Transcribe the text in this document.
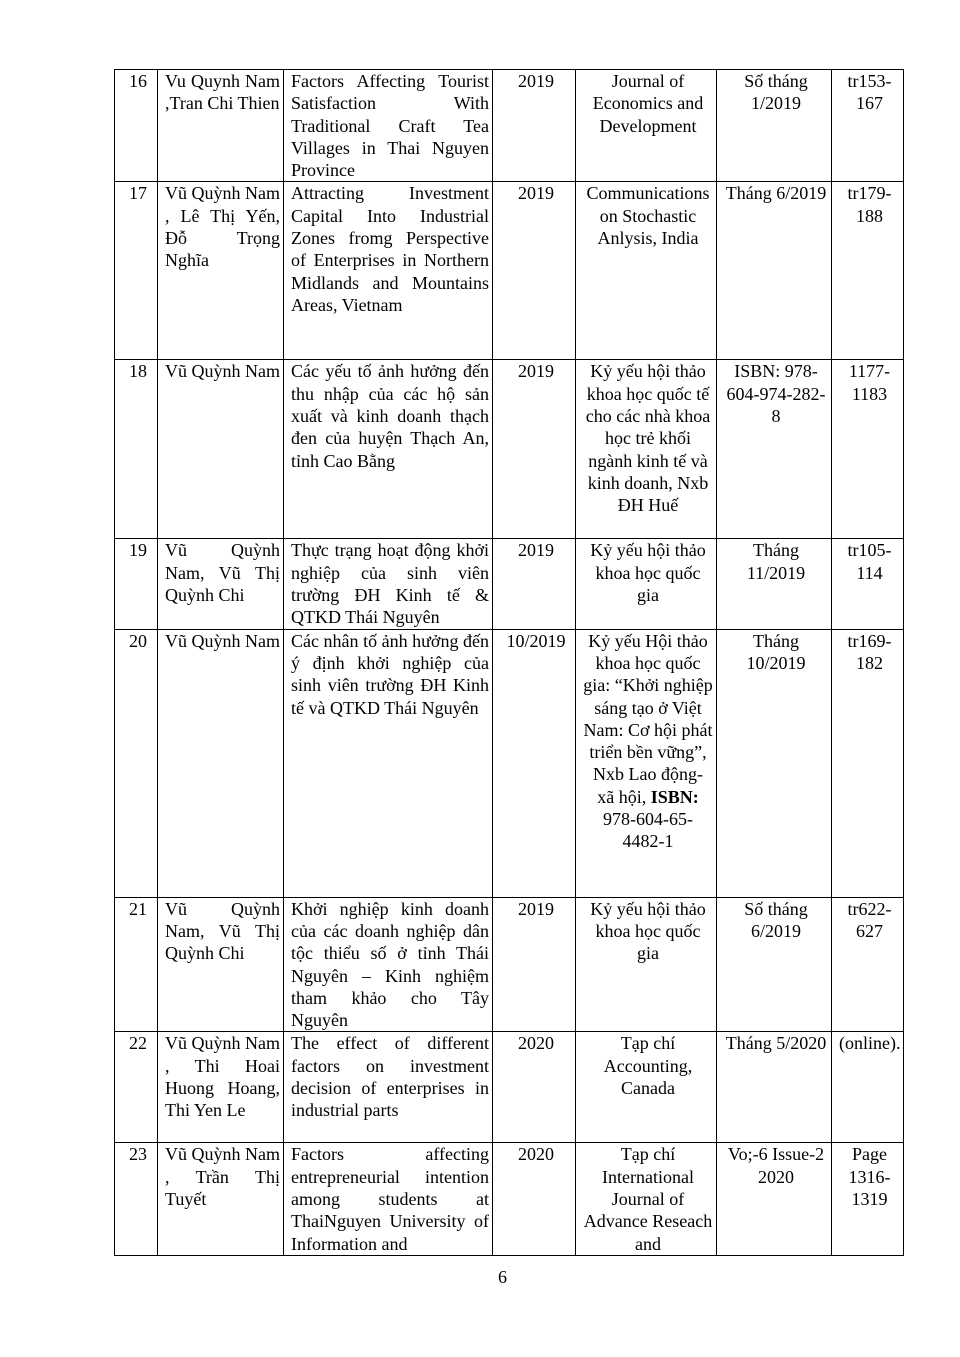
16	Vu Quynh Nam ,Tran Chi Thien	Factors Affecting Tourist Satisfaction With Traditional Craft Tea Villages in Thai Nguyen Province	2019	Journal of Economics and Development	Số tháng 1/2019	tr153-167
17	Vũ Quỳnh Nam , Lê Thị Yến, Đỗ Trọng Nghĩa	Attracting Investment Capital Into Industrial Zones fromg Perspective of Enterprises in Northern Midlands and Mountains Areas, Vietnam	2019	Communications on Stochastic Anlysis, India	Tháng 6/2019	tr179-188
18	Vũ Quỳnh Nam	Các yếu tố ảnh hưởng đến thu nhập của các hộ sản xuất và kinh doanh thạch đen của huyện Thạch An, tỉnh Cao Bằng	2019	Kỷ yếu hội thảo khoa học quốc tế cho các nhà khoa học trẻ khối ngành kinh tế và kinh doanh, Nxb ĐH Huế	ISBN: 978-604-974-282-8	1177-1183
19	Vũ Quỳnh Nam, Vũ Thị Quỳnh Chi	Thực trạng hoạt động khởi nghiệp của sinh viên trường ĐH Kinh tế & QTKD Thái Nguyên	2019	Kỷ yếu hội thảo khoa học quốc gia	Tháng 11/2019	tr105-114
20	Vũ Quỳnh Nam	Các nhân tố ảnh hưởng đến ý định khởi nghiệp của sinh viên trường ĐH Kinh tế và QTKD Thái Nguyên	10/2019	Kỷ yếu Hội thảo khoa học quốc gia: “Khởi nghiệp sáng tạo ở Việt Nam: Cơ hội phát triển bền vững”, Nxb Lao động- xã hội, ISBN: 978-604-65-4482-1	Tháng 10/2019	tr169-182
21	Vũ Quỳnh Nam, Vũ Thị Quỳnh Chi	Khởi nghiệp kinh doanh của các doanh nghiệp dân tộc thiểu số ở tỉnh Thái Nguyên – Kinh nghiệm tham khảo cho Tây Nguyên	2019	Kỷ yếu hội thảo khoa học quốc gia	Số tháng 6/2019	tr622-627
22	Vũ Quỳnh Nam , Thi Hoai Huong Hoang, Thi Yen Le	The effect of different factors on investment decision of enterprises in industrial parts	2020	Tạp chí Accounting, Canada	Tháng 5/2020	(online).
23	Vũ Quỳnh Nam , Trần Thị Tuyết	Factors affecting entrepreneurial intention among students at ThaiNguyen University of Information and	2020	Tạp chí International Journal of Advance Reseach and	Vo;-6 Issue-2 2020	Page 1316-1319
6
